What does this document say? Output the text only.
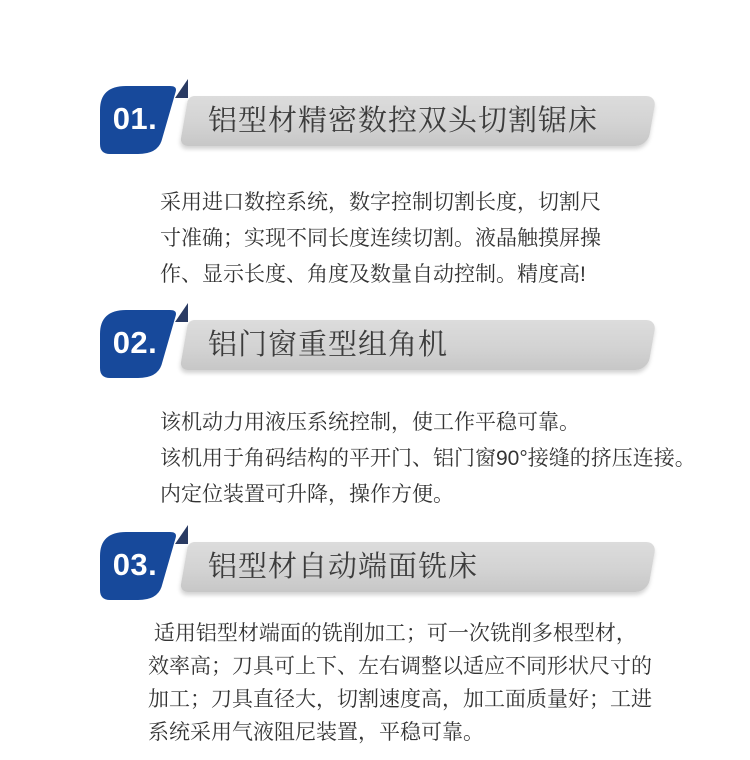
铝型材精密数控双头切割锯床
01.
采用进口数控系统，数字控制切割长度，切割尺
寸准确；实现不同长度连续切割。液晶触摸屏操
作、显示长度、角度及数量自动控制。精度高!
铝门窗重型组角机
02.
该机动力用液压系统控制，使工作平稳可靠。
该机用于角码结构的平开门、铝门窗90°接缝的挤压连接。
内定位装置可升降，操作方便。
铝型材自动端面铣床
03.
适用铝型材端面的铣削加工；可一次铣削多根型材，
效率高；刀具可上下、左右调整以适应不同形状尺寸的
加工；刀具直径大，切割速度高，加工面质量好；工进
系统采用气液阻尼装置，平稳可靠。
